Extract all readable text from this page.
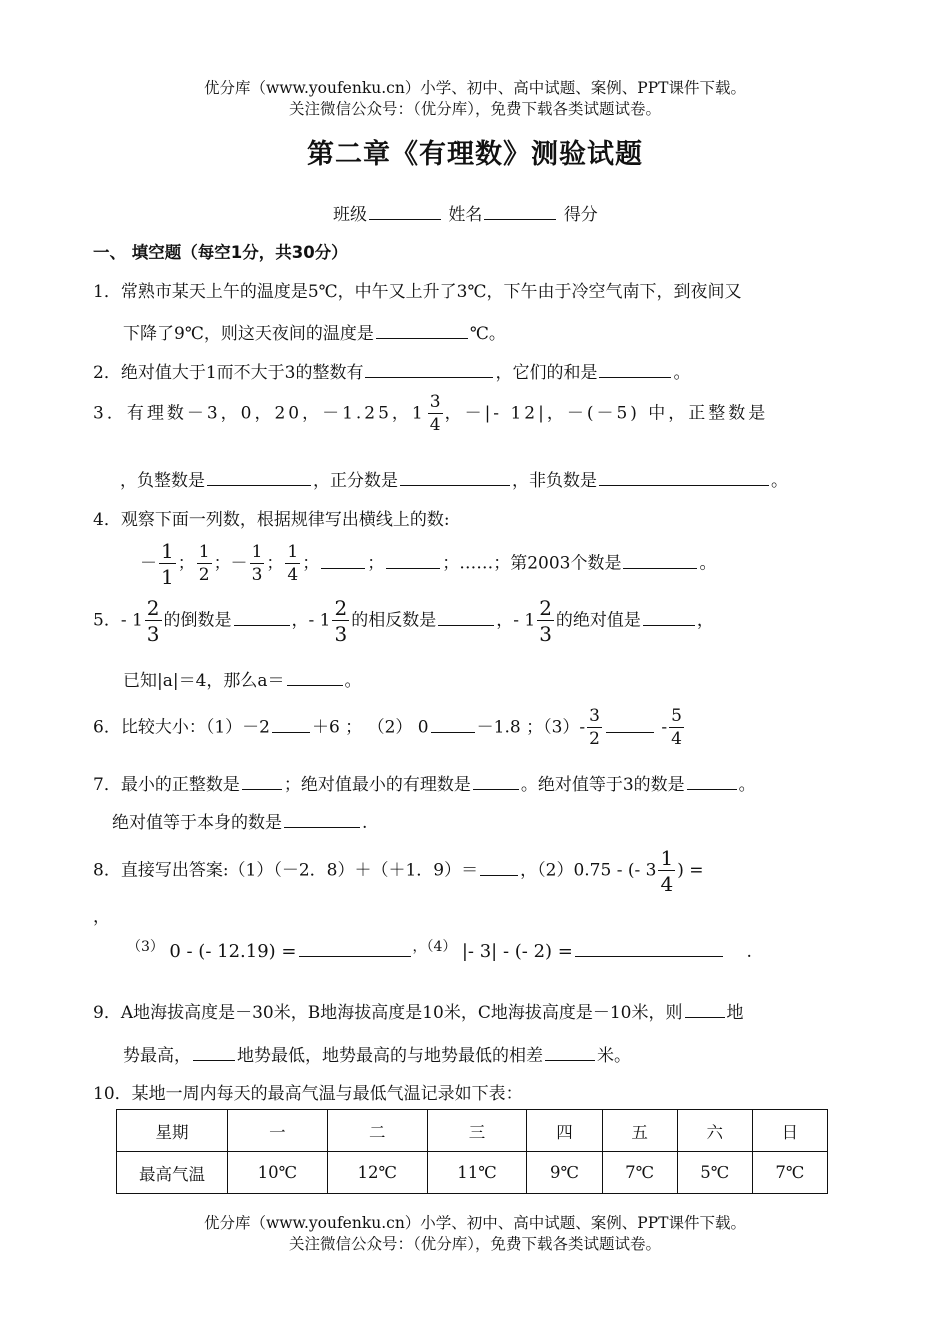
优分库（www.youfenku.cn）小学、初中、高中试题、案例、PPT课件下载。
关注微信公众号：（优分库），免费下载各类试题试卷。
第二章《有理数》测验试题
班级	姓名	得分
一、 填空题（每空1分，共30分）
1．常熟市某天上午的温度是5℃，中午又上升了3℃，下午由于冷空气南下，到夜间又
下降了9℃，则这天夜间的温度是	℃。
2．绝对值大于1而不大于3的整数有	，它们的和是	。
3．有理数－3，0，20，－1.25，$1 \frac{3}{4}$ ，－|- 12|，－(－5) 中，正整数是
，负整数是	，正分数是	，非负数是	。
4．观察下面一列数，根据规律写出横线上的数:
－ $\frac{1}{1}$ ； $\frac{1}{2}$ ；－ $\frac{1}{3}$ ； $\frac{1}{4}$ ；	；	；……；第2003个数是	。
5．- $1 \frac{2}{3}$ 的倒数是	，- $1 \frac{2}{3}$ 的相反数是	，- $1 \frac{2}{3}$ 的绝对值是	，
已知|a|＝4，那么a＝	。
6．比较大小：（1）－2 ＋6 ； （2） 0	－1.8 ；$(3)- \frac{3}{2}$	- $\frac{5}{4}$
7．最小的正整数是	；绝对值最小的有理数是	。绝对值等于3的数是	。
绝对值等于本身的数是	.
8．直接写出答案:（1）（－2．8）＋（＋1．9）＝ ，（2）0.75 - (- $3 \frac{1}{4}$ ) =
，
$^{(3)}$ 0 - (- 12.19) =	$^{,(4)}$ |- 3| - (- 2) =	.
9．A地海拔高度是－30米，B地海拔高度是10米，C地海拔高度是－10米，则	地
势最高，	地势最低，地势最高的与地势最低的相差	米。
10．某地一周内每天的最高气温与最低气温记录如下表：
星期	一	二	三	四	五	六	日
最高气温	10℃	12℃	11℃	9℃	7℃	5℃	7℃
优分库（www.youfenku.cn）小学、初中、高中试题、案例、PPT课件下载。
关注微信公众号：（优分库），免费下载各类试题试卷。
